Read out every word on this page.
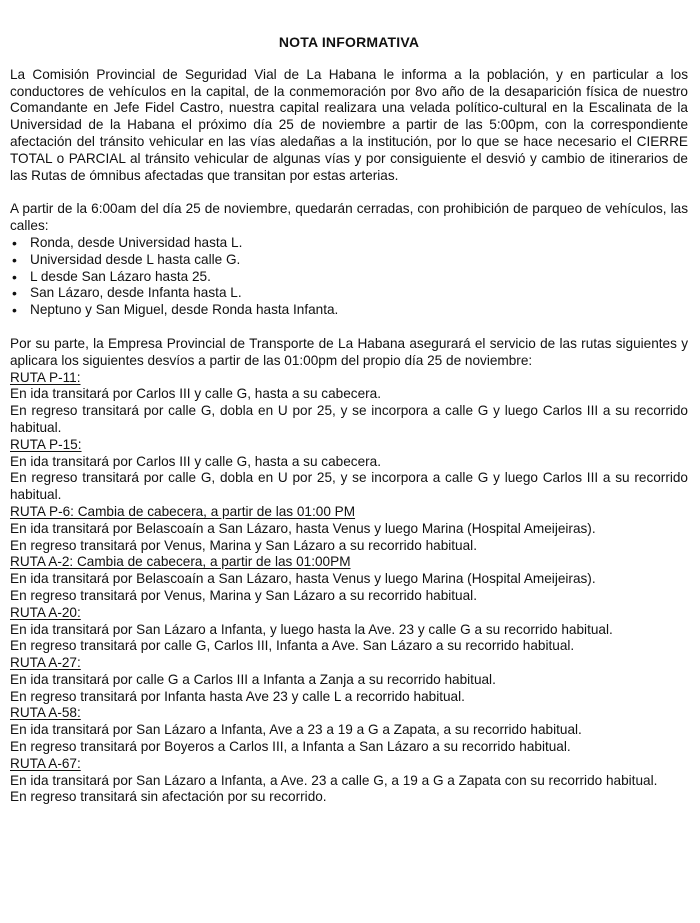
NOTA INFORMATIVA

La Comisión Provincial de Seguridad Vial de La Habana le informa a la población, y en particular a los conductores de vehículos en la capital, de la conmemoración por 8vo año de la desaparición física de nuestro Comandante en Jefe Fidel Castro, nuestra capital realizara una velada político-cultural en la Escalinata de la Universidad de la Habana el próximo día 25 de noviembre a partir de las 5:00pm, con la correspondiente afectación del tránsito vehicular en las vías aledañas a la institución, por lo que se hace necesario el CIERRE TOTAL o PARCIAL al tránsito vehicular de algunas vías y por consiguiente el desvió y cambio de itinerarios de las Rutas de ómnibus afectadas que transitan por estas arterias.

A partir de la 6:00am del día 25 de noviembre, quedarán cerradas, con prohibición de parqueo de vehículos, las calles:

• Ronda, desde Universidad hasta L.
• Universidad desde L hasta calle G.
• L desde San Lázaro hasta 25.
• San Lázaro, desde Infanta hasta L.
• Neptuno y San Miguel, desde Ronda hasta Infanta.

Por su parte, la Empresa Provincial de Transporte de La Habana asegurará el servicio de las rutas siguientes y aplicara los siguientes desvíos a partir de las 01:00pm del propio día 25 de noviembre:

RUTA P-11:

En ida transitará por Carlos III y calle G, hasta a su cabecera.

En regreso transitará por calle G, dobla en U por 25, y se incorpora a calle G y luego Carlos III a su recorrido habitual.

RUTA P-15:

En ida transitará por Carlos III y calle G, hasta a su cabecera.

En regreso transitará por calle G, dobla en U por 25, y se incorpora a calle G y luego Carlos III a su recorrido habitual.

RUTA P-6: Cambia de cabecera, a partir de las 01:00 PM

En ida transitará por Belascoaín a San Lázaro, hasta Venus y luego Marina (Hospital Ameijeiras).

En regreso transitará por Venus, Marina y San Lázaro a su recorrido habitual.

RUTA A-2: Cambia de cabecera, a partir de las 01:00PM

En ida transitará por Belascoaín a San Lázaro, hasta Venus y luego Marina (Hospital Ameijeiras).

En regreso transitará por Venus, Marina y San Lázaro a su recorrido habitual.

RUTA A-20:

En ida transitará por San Lázaro a Infanta, y luego hasta la Ave. 23 y calle G a su recorrido habitual.

En regreso transitará por calle G, Carlos III, Infanta a Ave. San Lázaro a su recorrido habitual.

RUTA A-27:

En ida transitará por calle G a Carlos III a Infanta a Zanja a su recorrido habitual.

En regreso transitará por Infanta hasta Ave 23 y calle L a recorrido habitual.

RUTA A-58:

En ida transitará por San Lázaro a Infanta, Ave a 23 a 19 a G a Zapata, a su recorrido habitual.

En regreso transitará por Boyeros a Carlos III, a Infanta a San Lázaro a su recorrido habitual.

RUTA A-67:

En ida transitará por San Lázaro a Infanta, a Ave. 23 a calle G, a 19 a G a Zapata con su recorrido habitual.

En regreso transitará sin afectación por su recorrido.
